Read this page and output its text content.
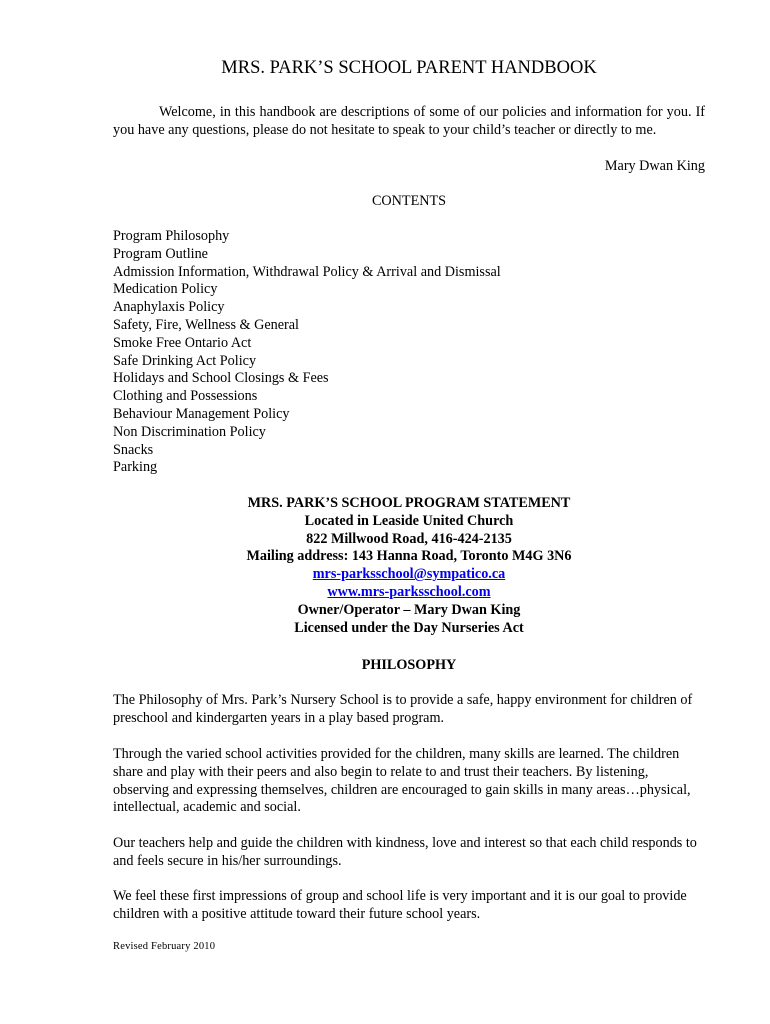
MRS. PARK’S SCHOOL PARENT HANDBOOK
Welcome, in this handbook are descriptions of some of our policies and information for you. If you have any questions, please do not hesitate to speak to your child’s teacher or directly to me.
Mary Dwan King
CONTENTS
Program Philosophy
Program Outline
Admission Information, Withdrawal Policy & Arrival and Dismissal
Medication Policy
Anaphylaxis Policy
Safety, Fire, Wellness & General
Smoke Free Ontario Act
Safe Drinking Act Policy
Holidays and School Closings & Fees
Clothing and Possessions
Behaviour Management Policy
Non Discrimination Policy
Snacks
Parking
MRS. PARK’S SCHOOL PROGRAM STATEMENT
Located in Leaside United Church
822 Millwood Road, 416-424-2135
Mailing address: 143 Hanna Road, Toronto M4G 3N6
mrs-parksschool@sympatico.ca
www.mrs-parksschool.com
Owner/Operator – Mary Dwan King
Licensed under the Day Nurseries Act
PHILOSOPHY

The Philosophy of Mrs. Park’s Nursery School is to provide a safe, happy environment for children of preschool and kindergarten years in a play based program.

Through the varied school activities provided for the children, many skills are learned. The children share and play with their peers and also begin to relate to and trust their teachers. By listening, observing and expressing themselves, children are encouraged to gain skills in many areas…physical, intellectual, academic and social.

Our teachers help and guide the children with kindness, love and interest so that each child responds to and feels secure in his/her surroundings.

We feel these first impressions of group and school life is very important and it is our goal to provide children with a positive attitude toward their future school years.

Revised February 2010
